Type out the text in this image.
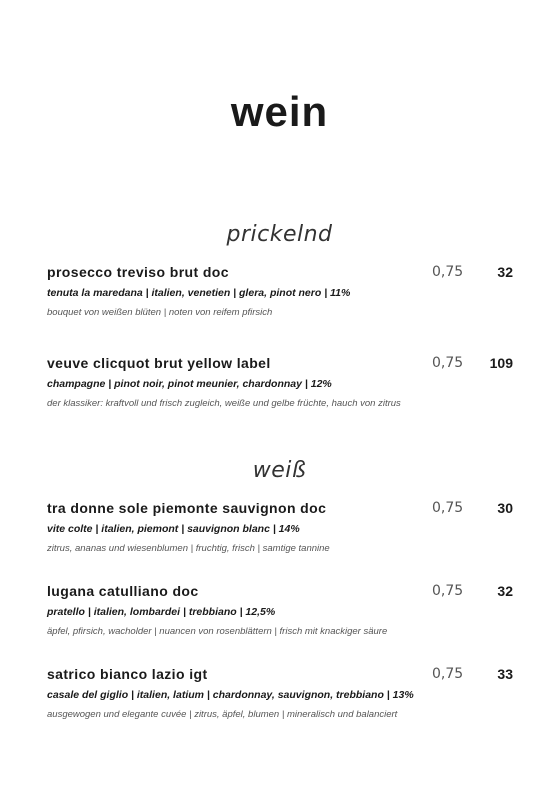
wein
prickelnd
prosecco treviso brut doc	0,75	32
tenuta la maredana | italien, venetien | glera, pinot nero | 11%
bouquet von weißen blüten | noten von reifem pfirsich
veuve clicquot brut yellow label	0,75	109
champagne | pinot noir, pinot meunier, chardonnay | 12%
der klassiker: kraftvoll und frisch zugleich, weiße und gelbe früchte, hauch von zitrus
weiß
tra donne sole piemonte sauvignon doc	0,75	30
vite colte | italien, piemont | sauvignon blanc | 14%
zitrus, ananas und wiesenblumen | fruchtig, frisch | samtige tannine
lugana catulliano doc	0,75	32
pratello | italien, lombardei | trebbiano | 12,5%
äpfel, pfirsich, wacholder | nuancen von rosenblättern | frisch mit knackiger säure
satrico bianco lazio igt	0,75	33
casale del giglio | italien, latium | chardonnay, sauvignon, trebbiano | 13%
ausgewogen und elegante cuvée | zitrus, äpfel, blumen | mineralisch und balanciert
